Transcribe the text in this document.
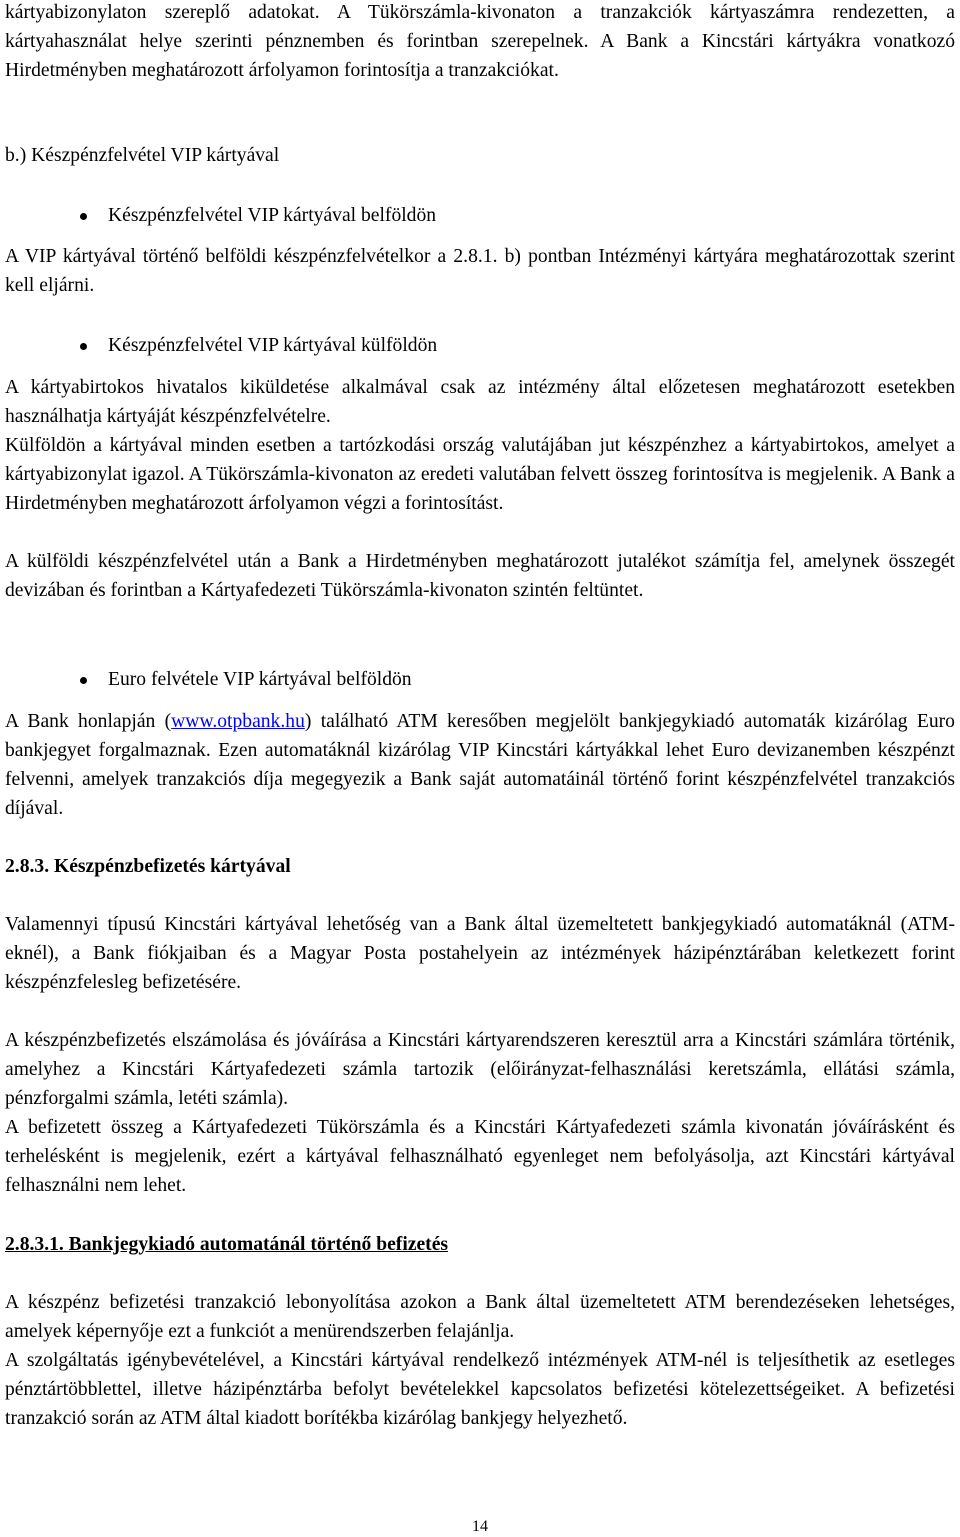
kártyabizonylaton szereplő adatokat. A Tükörszámla-kivonaton a tranzakciók kártyaszámra rendezetten, a kártyahasználat helye szerinti pénznemben és forintban szerepelnek. A Bank a Kincstári kártyákra vonatkozó Hirdetményben meghatározott árfolyamon forintosítja a tranzakciókat.

b.) Készpénzfelvétel VIP kártyával

Készpénzfelvétel VIP kártyával belföldön

A VIP kártyával történő belföldi készpénzfelvételkor a 2.8.1. b) pontban Intézményi kártyára meghatározottak szerint kell eljárni.

Készpénzfelvétel VIP kártyával külföldön

A kártyabirtokos hivatalos kiküldetése alkalmával csak az intézmény által előzetesen meghatározott esetekben használhatja kártyáját készpénzfelvételre.

Külföldön a kártyával minden esetben a tartózkodási ország valutájában jut készpénzhez a kártyabirtokos, amelyet a kártyabizonylat igazol. A Tükörszámla-kivonaton az eredeti valutában felvett összeg forintosítva is megjelenik. A Bank a Hirdetményben meghatározott árfolyamon végzi a forintosítást.

A külföldi készpénzfelvétel után a Bank a Hirdetményben meghatározott jutalékot számítja fel, amelynek összegét devizában és forintban a Kártyafedezeti Tükörszámla-kivonaton szintén feltüntet.

Euro felvétele VIP kártyával belföldön

A Bank honlapján (www.otpbank.hu) található ATM keresőben megjelölt bankjegykiadó automaták kizárólag Euro bankjegyet forgalmaznak. Ezen automatáknál kizárólag VIP Kincstári kártyákkal lehet Euro devizanemben készpénzt felvenni, amelyek tranzakciós díja megegyezik a Bank saját automatáinál történő forint készpénzfelvétel tranzakciós díjával.

2.8.3. Készpénzbefizetés kártyával

Valamennyi típusú Kincstári kártyával lehetőség van a Bank által üzemeltetett bankjegykiadó automatáknál (ATM-eknél), a Bank fiókjaiban és a Magyar Posta postahelyein az intézmények házipénztárában keletkezett forint készpénzfelesleg befizetésére.

A készpénzbefizetés elszámolása és jóváírása a Kincstári kártyarendszeren keresztül arra a Kincstári számlára történik, amelyhez a Kincstári Kártyafedezeti számla tartozik (előirányzat-felhasználási keretszámla, ellátási számla, pénzforgalmi számla, letéti számla).

A befizetett összeg a Kártyafedezeti Tükörszámla és a Kincstári Kártyafedezeti számla kivonatán jóváírásként és terhelésként is megjelenik, ezért a kártyával felhasználható egyenleget nem befolyásolja, azt Kincstári kártyával felhasználni nem lehet.

2.8.3.1. Bankjegykiadó automatánál történő befizetés

A készpénz befizetési tranzakció lebonyolítása azokon a Bank által üzemeltetett ATM berendezéseken lehetséges, amelyek képernyője ezt a funkciót a menürendszerben felajánlja.

A szolgáltatás igénybevételével, a Kincstári kártyával rendelkező intézmények ATM-nél is teljesíthetik az esetleges pénztártöbblettel, illetve házipénztárba befolyt bevételekkel kapcsolatos befizetési kötelezettségeiket. A befizetési tranzakció során az ATM által kiadott borítékba kizárólag bankjegy helyezhető.

14
